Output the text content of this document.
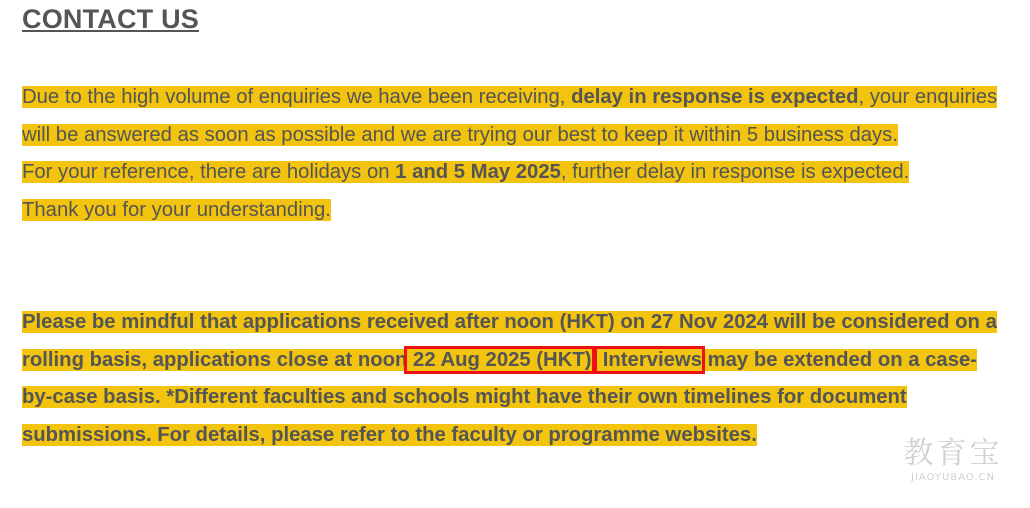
CONTACT US

Due to the high volume of enquiries we have been receiving, delay in response is expected, your enquiries will be answered as soon as possible and we are trying our best to keep it within 5 business days.
For your reference, there are holidays on 1 and 5 May 2025, further delay in response is expected.
Thank you for your understanding.

Please be mindful that applications received after noon (HKT) on 27 Nov 2024 will be considered on a rolling basis, applications close at noon 22 Aug 2025 (HKT). Interviews may be extended on a case-by-case basis. *Different faculties and schools might have their own timelines for document submissions. For details, please refer to the faculty or programme websites.

教育宝
JIAOYUBAO.CN
